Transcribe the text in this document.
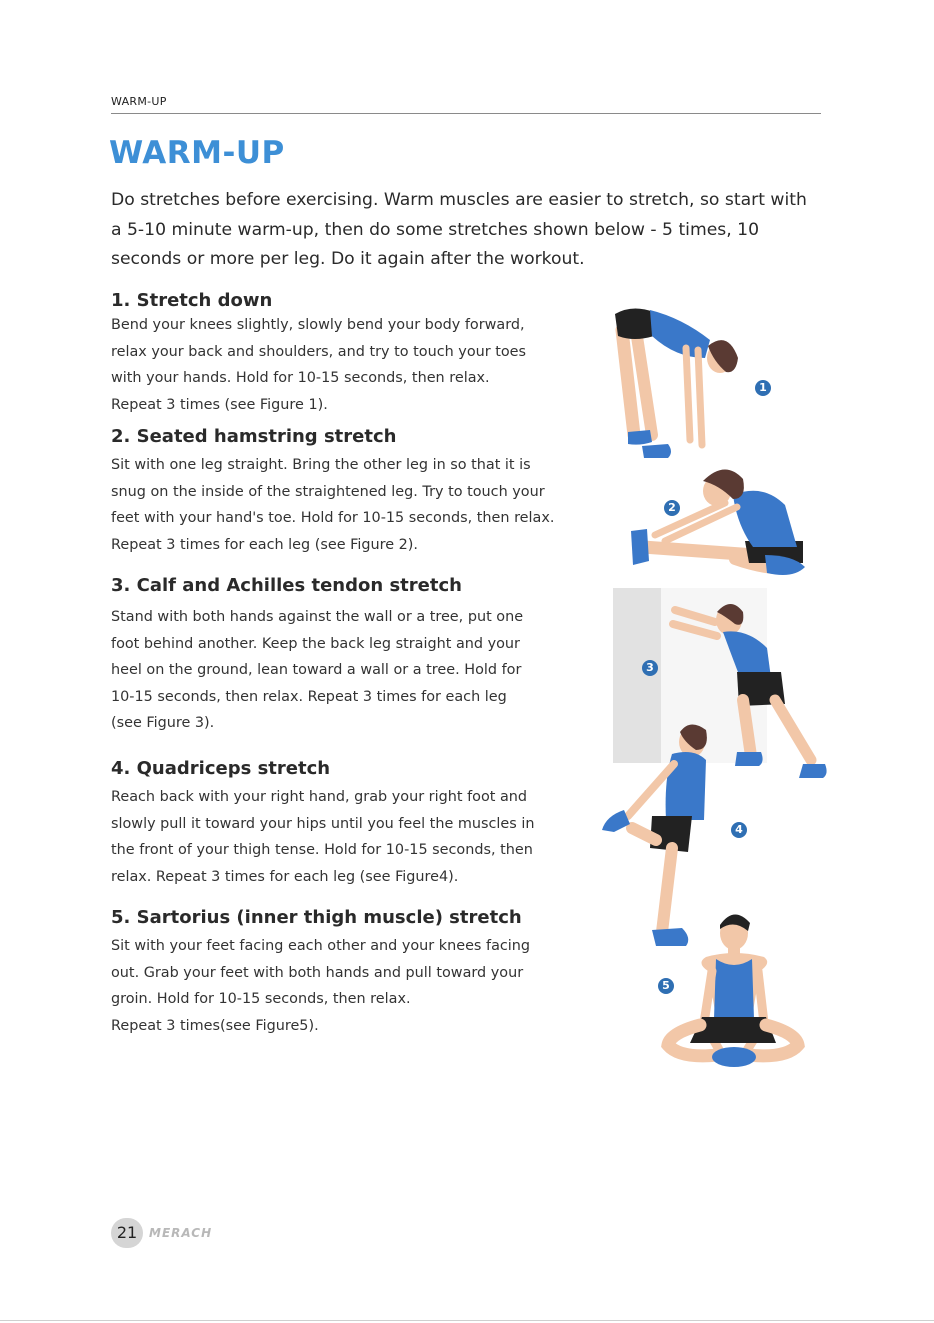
WARM-UP
WARM-UP

Do stretches before exercising. Warm muscles are easier to stretch, so start with a 5-10 minute warm-up, then do some stretches shown below - 5 times, 10 seconds or more per leg. Do it again after the workout.

1. Stretch down
Bend your knees slightly, slowly bend your body forward,
relax your back and shoulders, and try to touch your toes
with your hands. Hold for 10-15 seconds, then relax.
Repeat 3 times (see Figure 1).
2. Seated hamstring stretch
Sit with one leg straight. Bring the other leg in so that it is
snug on the inside of the straightened leg. Try to touch your
feet with your hand's toe. Hold for 10-15 seconds, then relax.
Repeat 3 times for each leg (see Figure 2).
3. Calf and Achilles tendon stretch
Stand with both hands against the wall or a tree, put one
foot behind another. Keep the back leg straight and your
heel on the ground, lean toward a wall or a tree. Hold for
10-15 seconds, then relax. Repeat 3 times for each leg
(see Figure 3).
4. Quadriceps stretch
Reach back with your right hand, grab your right foot and
slowly pull it toward your hips until you feel the muscles in
the front of your thigh tense. Hold for 10-15 seconds, then
relax. Repeat 3 times for each leg (see Figure4).
5. Sartorius (inner thigh muscle) stretch
Sit with your feet facing each other and your knees facing
out. Grab your feet with both hands and pull toward your
groin. Hold for 10-15 seconds, then relax.
Repeat 3 times(see Figure5).
1
2
3
4
5
21 MERACH
